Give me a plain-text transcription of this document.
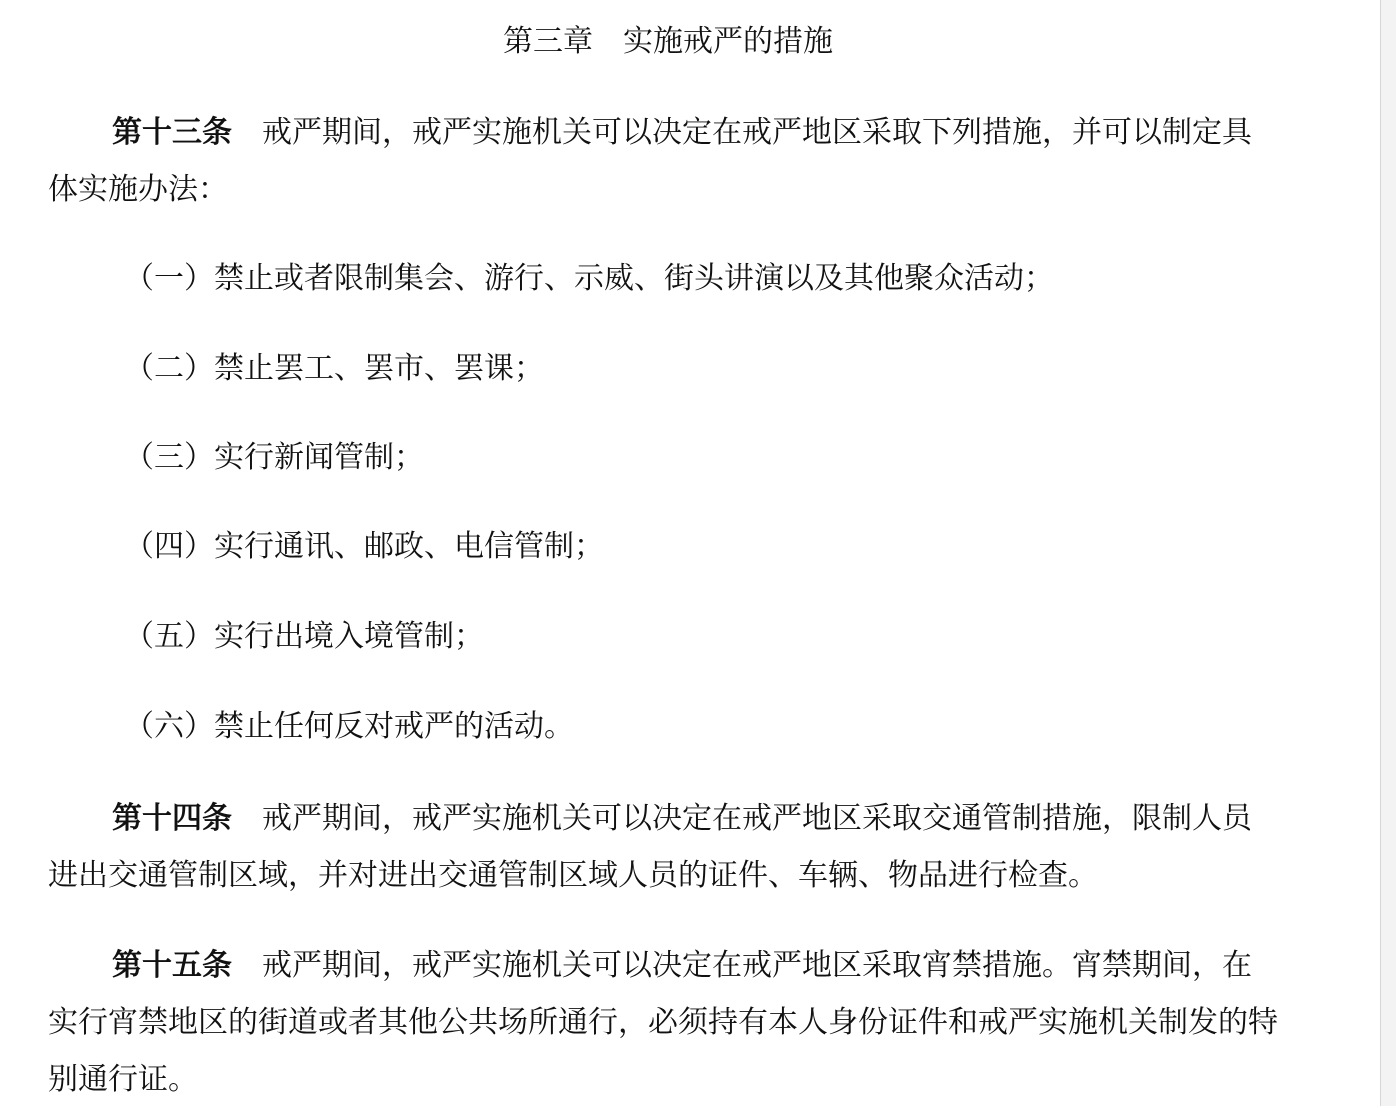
第三章　实施戒严的措施
第十三条　戒严期间，戒严实施机关可以决定在戒严地区采取下列措施，并可以制定具体实施办法：
（一）禁止或者限制集会、游行、示威、街头讲演以及其他聚众活动；
（二）禁止罢工、罢市、罢课；
（三）实行新闻管制；
（四）实行通讯、邮政、电信管制；
（五）实行出境入境管制；
（六）禁止任何反对戒严的活动。
第十四条　戒严期间，戒严实施机关可以决定在戒严地区采取交通管制措施，限制人员进出交通管制区域，并对进出交通管制区域人员的证件、车辆、物品进行检查。
第十五条　戒严期间，戒严实施机关可以决定在戒严地区采取宵禁措施。宵禁期间，在实行宵禁地区的街道或者其他公共场所通行，必须持有本人身份证件和戒严实施机关制发的特别通行证。
